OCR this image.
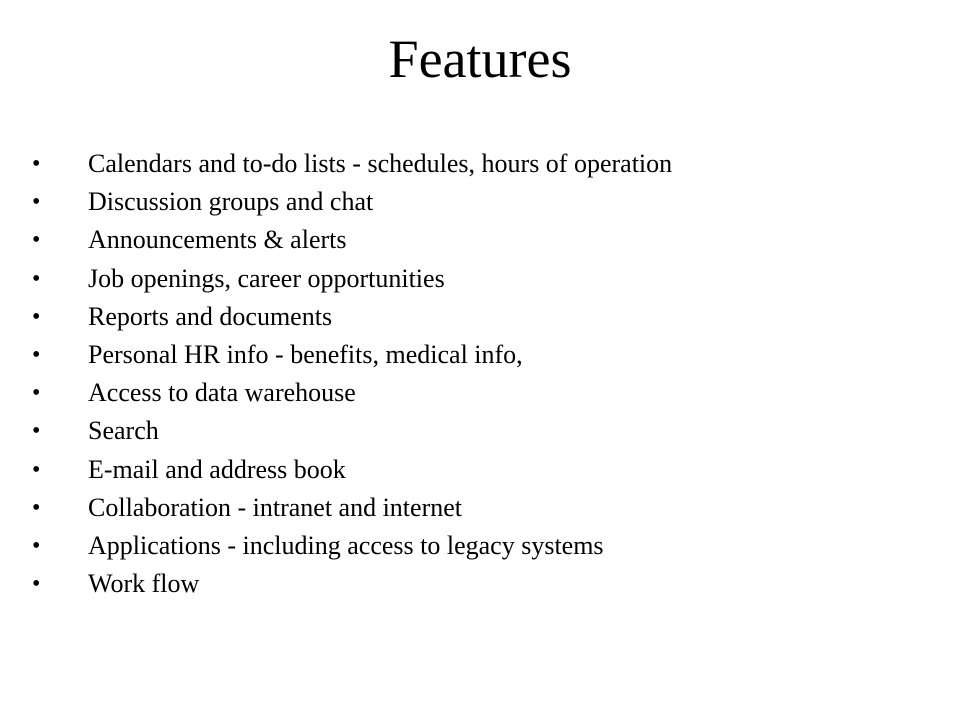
Features
• Calendars and to-do lists - schedules, hours of operation
• Discussion groups and chat
• Announcements & alerts
• Job openings, career opportunities
• Reports and documents
• Personal HR info - benefits, medical info,
• Access to data warehouse
• Search
• E-mail and address book
• Collaboration - intranet and internet
• Applications - including access to legacy systems
• Work flow
